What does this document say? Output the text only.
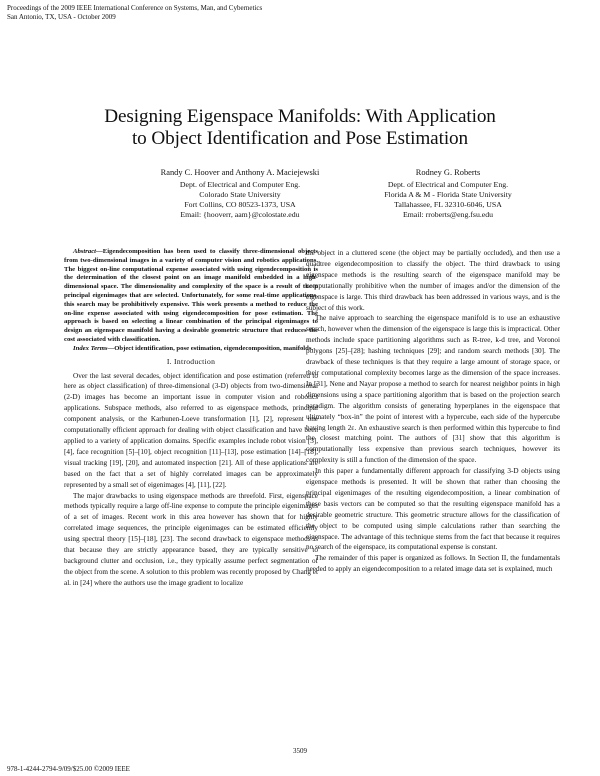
Proceedings of the 2009 IEEE International Conference on Systems, Man, and Cybernetics
San Antonio, TX, USA - October 2009
Designing Eigenspace Manifolds: With Application
to Object Identification and Pose Estimation
Randy C. Hoover and Anthony A. Maciejewski
Dept. of Electrical and Computer Eng.
Colorado State University
Fort Collins, CO 80523-1373, USA
Email: {hooverr, aam}@colostate.edu
Rodney G. Roberts
Dept. of Electrical and Computer Eng.
Florida A & M - Florida State University
Tallahassee, FL 32310-6046, USA
Email: rroberts@eng.fsu.edu

Abstract—Eigendecomposition has been used to classify three-dimensional objects from two-dimensional images in a variety of computer vision and robotics applications. The biggest on-line computational expense associated with using eigendecomposition is the determination of the closest point on an image manifold embedded in a high-dimensional space. The dimensionality and complexity of the space is a result of the p principal eigenimages that are selected. Unfortunately, for some real-time applications, this search may be prohibitively expensive. This work presents a method to reduce the on-line expense associated with using eigendecomposition for pose estimation. The approach is based on selecting a linear combination of the principal eigenimages to design an eigenspace manifold having a desirable geometric structure that reduces the cost associated with classification.

Index Terms—Object identification, pose estimation, eigendecomposition, manifolds.

I. Introduction

Over the last several decades, object identification and pose estimation (referred to here as object classification) of three-dimensional (3-D) objects from two-dimensional (2-D) images has become an important issue in computer vision and robotics applications. Subspace methods, also referred to as eigenspace methods, principal component analysis, or the Karhunen-Loeve transformation [1], [2], represent one computationally efficient approach for dealing with object classification and have been applied to a variety of application domains. Specific examples include robot vision [3], [4], face recognition [5]–[10], object recognition [11]–[13], pose estimation [14]–[18], visual tracking [19], [20], and automated inspection [21]. All of these applications are based on the fact that a set of highly correlated images can be approximately represented by a small set of eigenimages [4], [11], [22].

The major drawbacks to using eigenspace methods are threefold. First, eigenspace methods typically require a large off-line expense to compute the principle eigenimages of a set of images. Recent work in this area however has shown that for highly correlated image sequences, the principle eigenimages can be estimated efficiently using spectral theory [15]–[18], [23]. The second drawback to eigenspace methods is that because they are strictly appearance based, they are typically sensitive to background clutter and occlusion, i.e., they typically assume perfect segmentation of the object from the scene. A solution to this problem was recently proposed by Chang et al. in [24] where the authors use the image gradient to localize

the object in a cluttered scene (the object may be partially occluded), and then use a quadtree eigendecomposition to classify the object. The third drawback to using eigenspace methods is the resulting search of the eigenspace manifold may be computationally prohibitive when the number of images and/or the dimension of the eigenspace is large. This third drawback has been addressed in various ways, and is the subject of this work.

The naive approach to searching the eigenspace manifold is to use an exhaustive search, however when the dimension of the eigenspace is large this is impractical. Other methods include space partitioning algorithms such as R-tree, k-d tree, and Voronoi polygons [25]–[28]; hashing techniques [29]; and random search methods [30]. The drawback of these techniques is that they require a large amount of storage space, or their computational complexity becomes large as the dimension of the space increases. In [31], Nene and Nayar propose a method to search for nearest neighbor points in high dimensions using a space partitioning algorithm that is based on the projection search paradigm. The algorithm consists of generating hyperplanes in the eigenspace that ultimately “box-in” the point of interest with a hypercube, each side of the hypercube having length 2ε. An exhaustive search is then performed within this hypercube to find the closest matching point. The authors of [31] show that this algorithm is computationally less expensive than previous search techniques, however its complexity is still a function of the dimension of the space.

In this paper a fundamentally different approach for classifying 3-D objects using eigenspace methods is presented. It will be shown that rather than choosing the principal eigenimages of the resulting eigendecomposition, a linear combination of these basis vectors can be computed so that the resulting eigenspace manifold has a desirable geometric structure. This geometric structure allows for the classification of the object to be computed using simple calculations rather than searching the eigenspace. The advantage of this technique stems from the fact that because it requires no search of the eigenspace, its computational expense is constant.

The remainder of this paper is organized as follows. In Section II, the fundamentals needed to apply an eigendecomposition to a related image data set is explained, much

3509
978-1-4244-2794-9/09/$25.00 ©2009 IEEE
